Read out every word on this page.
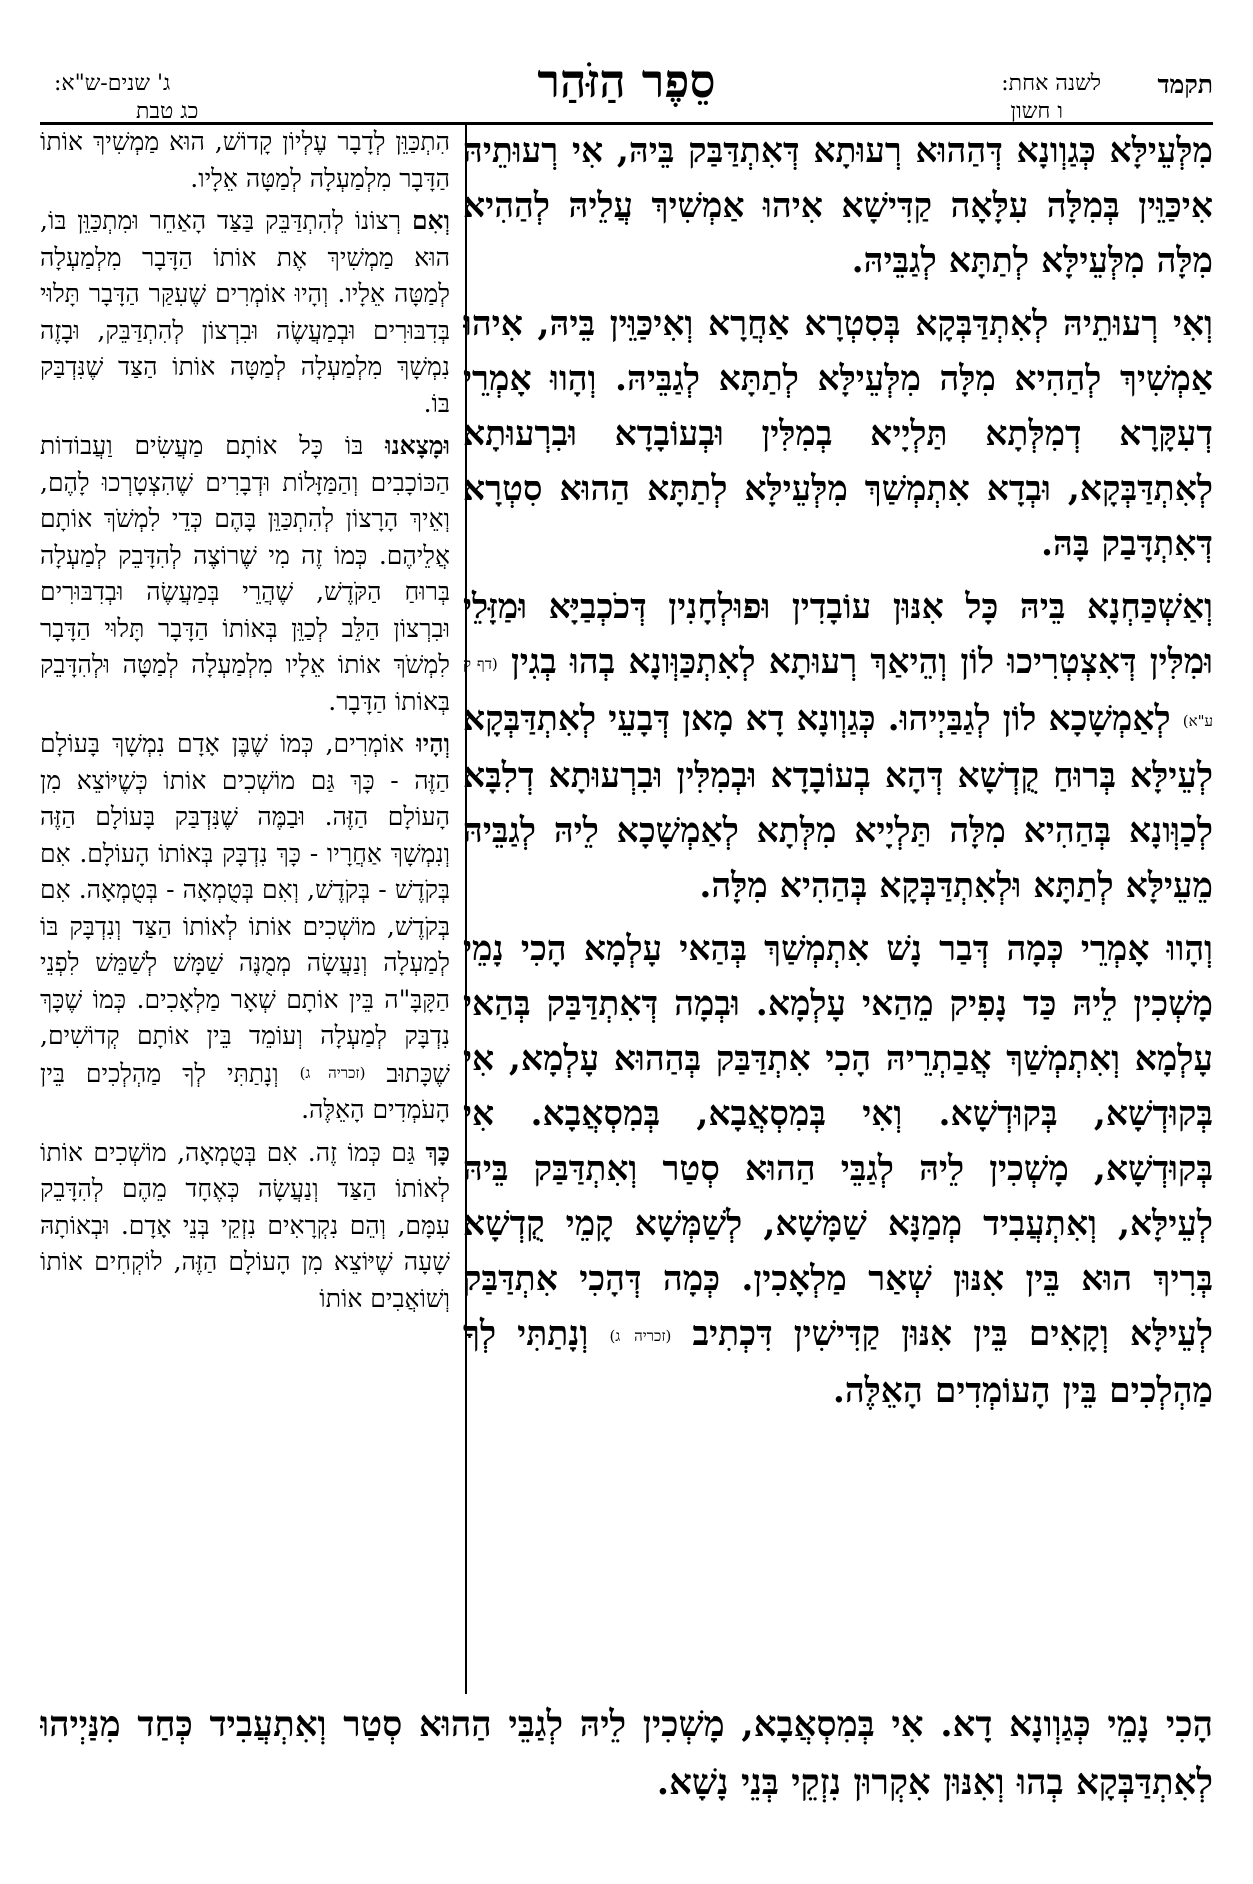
תקמד
לשנה אחת:
ו חשון
סֵפֶר הַזֹּהַר
ג' שנים-ש"א:
כג טבת

מִלְּעֵילָּא כְּגַוְונָא דְּהַהוּא רְעוּתָא דְּאִתְדַּבַּק בֵּיהּ, אִי רְעוּתֵיהּ אִיכַּוֵּין בְּמִלָּה עִלָּאָה קַדִּישָׁא אִיהוּ אַמְשִׁיךְ עֲלֵיהּ לְהַהִיא מִלָּה מִלְּעֵילָּא לְתַתָּא לְגַבֵּיהּ.

וְאִי רְעוּתֵיהּ לְאִתְדַּבְּקָא בְּסִטְרָא אַחֲרָא וְאִיכַּוֵּין בֵּיהּ, אִיהוּ אַמְשִׁיךְ לְהַהִיא מִלָּה מִלְּעֵילָּא לְתַתָּא לְגַבֵּיהּ. וְהָווּ אָמְרֵי דְעִקָּרָא דְמִלְּתָא תַּלְיָיא בְמִלִּין וּבְעוֹבָדָא וּבִרְעוּתָא לְאִתְדַּבְּקָא, וּבְדָא אִתְמְשַׁךְ מִלְּעֵילָּא לְתַתָּא הַהוּא סִטְרָא דְּאִתְדָּבַק בָּהּ.

וְאַשְׁכַּחְנָא בֵּיהּ כָּל אִנּוּן עוֹבָדִין וּפוּלְחָנִין דְּכֹכְבַיָּא וּמַזָּלֵי וּמִלִּין דְּאִצְטְרִיכוּ לוֹן וְהֵיאַךְ רְעוּתָא לְאִתְכַּוְּונָא בְהוּ בְגִין (דף ק ע"א) לְאַמְשָׁכָא לוֹן לְגַבַּיְיהוּ. כְּגַוְונָא דָא מָאן דְּבָעֵי לְאִתְדַּבְּקָא לְעֵילָּא בְּרוּחַ קֻדְשָׁא דְּהָא בְעוֹבָדָא וּבְמִלִּין וּבִרְעוּתָא דְלִבָּא לְכַוְּונָא בְּהַהִיא מִלָּה תַּלְיָיא מִלְּתָא לְאַמְשָׁכָא לֵיהּ לְגַבֵּיהּ מֵעֵילָּא לְתַתָּא וּלְאִתְדַּבְּקָא בְּהַהִיא מִלָּה.

וְהָווּ אָמְרֵי כְּמָה דְּבַר נָשׁ אִתְמְשַׁךְ בְּהַאי עָלְמָא הָכִי נָמֵי מָשְׁכִין לֵיהּ כַּד נָפִיק מֵהַאי עָלְמָא. וּבְמָה דְּאִתְדַּבַּק בְּהַאי עָלְמָא וְאִתְמְשַׁךְ אֲבַתְרֵיהּ הָכִי אִתְדַּבַּק בְּהַהוּא עָלְמָא, אִי בְּקוּדְשָׁא, בְּקוּדְשָׁא. וְאִי בְּמִסְאֲבָא, בְּמִסְאֲבָא. אִי בְּקוּדְשָׁא, מָשְׁכִין לֵיהּ לְגַבֵּי הַהוּא סְטַר וְאִתְדַּבַּק בֵּיהּ לְעֵילָּא, וְאִתְעֲבִיד מְמַנָּא שַׁמָּשָׁא, לְשַׁמְּשָׁא קָמֵי קֻדְשָׁא בְּרִיךְ הוּא בֵּין אִנּוּן שְׁאַר מַלְאָכִין. כְּמָה דְּהָכִי אִתְדַּבַּק לְעֵילָּא וְקָאִים בֵּין אִנּוּן קַדִּישִׁין דִּכְתִיב (זכריה ג) וְנָתַתִּי לְךָ מַהְלְכִים בֵּין הָעוֹמְדִים הָאֵלֶּה.

הִתְכַּוֵּן לְדָבָר עֶלְיוֹן קָדוֹשׁ, הוּא מַמְשִׁיךְ אוֹתוֹ הַדָּבָר מִלְמַעְלָה לְמַטָּה אֵלָיו.

וְאִם רְצוֹנוֹ לְהִתְדַּבֵּק בַּצַּד הָאַחֵר וּמִתְכַּוֵּן בּוֹ, הוּא מַמְשִׁיךְ אֶת אוֹתוֹ הַדָּבָר מִלְמַעְלָה לְמַטָּה אֵלָיו. וְהָיוּ אוֹמְרִים שֶׁעִקַּר הַדָּבָר תָּלוּי בְּדִבּוּרִים וּבְמַעֲשֶׂה וּבִרְצוֹן לְהִתְדַּבֵּק, וּבָזֶה נִמְשָׁךְ מִלְמַעְלָה לְמַטָּה אוֹתוֹ הַצַּד שֶׁנִּדְבַּק בּוֹ.

וּמָצָאנוּ בּוֹ כָּל אוֹתָם מַעֲשִׂים וַעֲבוֹדוֹת הַכּוֹכָבִים וְהַמַּזָּלוֹת וּדְבָרִים שֶׁהִצְטָרְכוּ לָהֶם, וְאֵיךְ הָרָצוֹן לְהִתְכַּוֵּן בָּהֶם כְּדֵי לִמְשֹׁךְ אוֹתָם אֲלֵיהֶם. כְּמוֹ זֶה מִי שֶׁרוֹצֶה לְהִדָּבֵק לְמַעְלָה בְּרוּחַ הַקֹּדֶשׁ, שֶׁהֲרֵי בְּמַעֲשֶׂה וּבְדִבּוּרִים וּבִרְצוֹן הַלֵּב לְכַוֵּן בְּאוֹתוֹ הַדָּבָר תָּלוּי הַדָּבָר לִמְשֹׁךְ אוֹתוֹ אֵלָיו מִלְמַעְלָה לְמַטָּה וּלְהִדָּבֵק בְּאוֹתוֹ הַדָּבָר.

וְהָיוּ אוֹמְרִים, כְּמוֹ שֶׁבֶּן אָדָם נִמְשָׁךְ בָּעוֹלָם הַזֶּה - כָּךְ גַּם מוֹשְׁכִים אוֹתוֹ כְּשֶׁיּוֹצֵא מִן הָעוֹלָם הַזֶּה. וּבַמֶּה שֶׁנִּדְבַּק בָּעוֹלָם הַזֶּה וְנִמְשָׁךְ אַחֲרָיו - כָּךְ נִדְבָּק בְּאוֹתוֹ הָעוֹלָם. אִם בְּקֹדֶשׁ - בְּקֹדֶשׁ, וְאִם בְּטֻמְאָה - בְּטֻמְאָה. אִם בְּקֹדֶשׁ, מוֹשְׁכִים אוֹתוֹ לְאוֹתוֹ הַצַּד וְנִדְבָּק בּוֹ לְמַעְלָה וְנַעֲשָׂה מְמֻנֶּה שַׁמָּשׁ לְשַׁמֵּשׁ לִפְנֵי הַקָּבָּ"ה בֵּין אוֹתָם שְׁאָר מַלְאָכִים. כְּמוֹ שֶׁכָּךְ נִדְבָּק לְמַעְלָה וְעוֹמֵד בֵּין אוֹתָם קְדוֹשִׁים, שֶׁכָּתוּב (זכריה ג) וְנָתַתִּי לְךָ מַהְלְכִים בֵּין הָעֹמְדִים הָאֵלֶּה.

כָּךְ גַּם כְּמוֹ זֶה. אִם בְּטֻמְאָה, מוֹשְׁכִים אוֹתוֹ לְאוֹתוֹ הַצַּד וְנַעֲשָׂה כְּאֶחָד מֵהֶם לְהִדָּבֵק עִמָּם, וְהֵם נִקְרָאִים נִזְקֵי בְּנֵי אָדָם. וּבְאוֹתָהּ שָׁעָה שֶׁיּוֹצֵא מִן הָעוֹלָם הַזֶּה, לוֹקְחִים אוֹתוֹ וְשׁוֹאֲבִים אוֹתוֹ

הָכִי נָמֵי כְּגַוְונָא דָא. אִי בְּמִסְאֲבָא, מָשְׁכִין לֵיהּ לְגַבֵּי הַהוּא סְטַר וְאִתְעֲבִיד כְּחַד מִנַּיְיהוּ לְאִתְדַּבְּקָא בְהוּ וְאִנּוּן אִקְרוּן נִזְקֵי בְּנֵי נָשָׁא.
